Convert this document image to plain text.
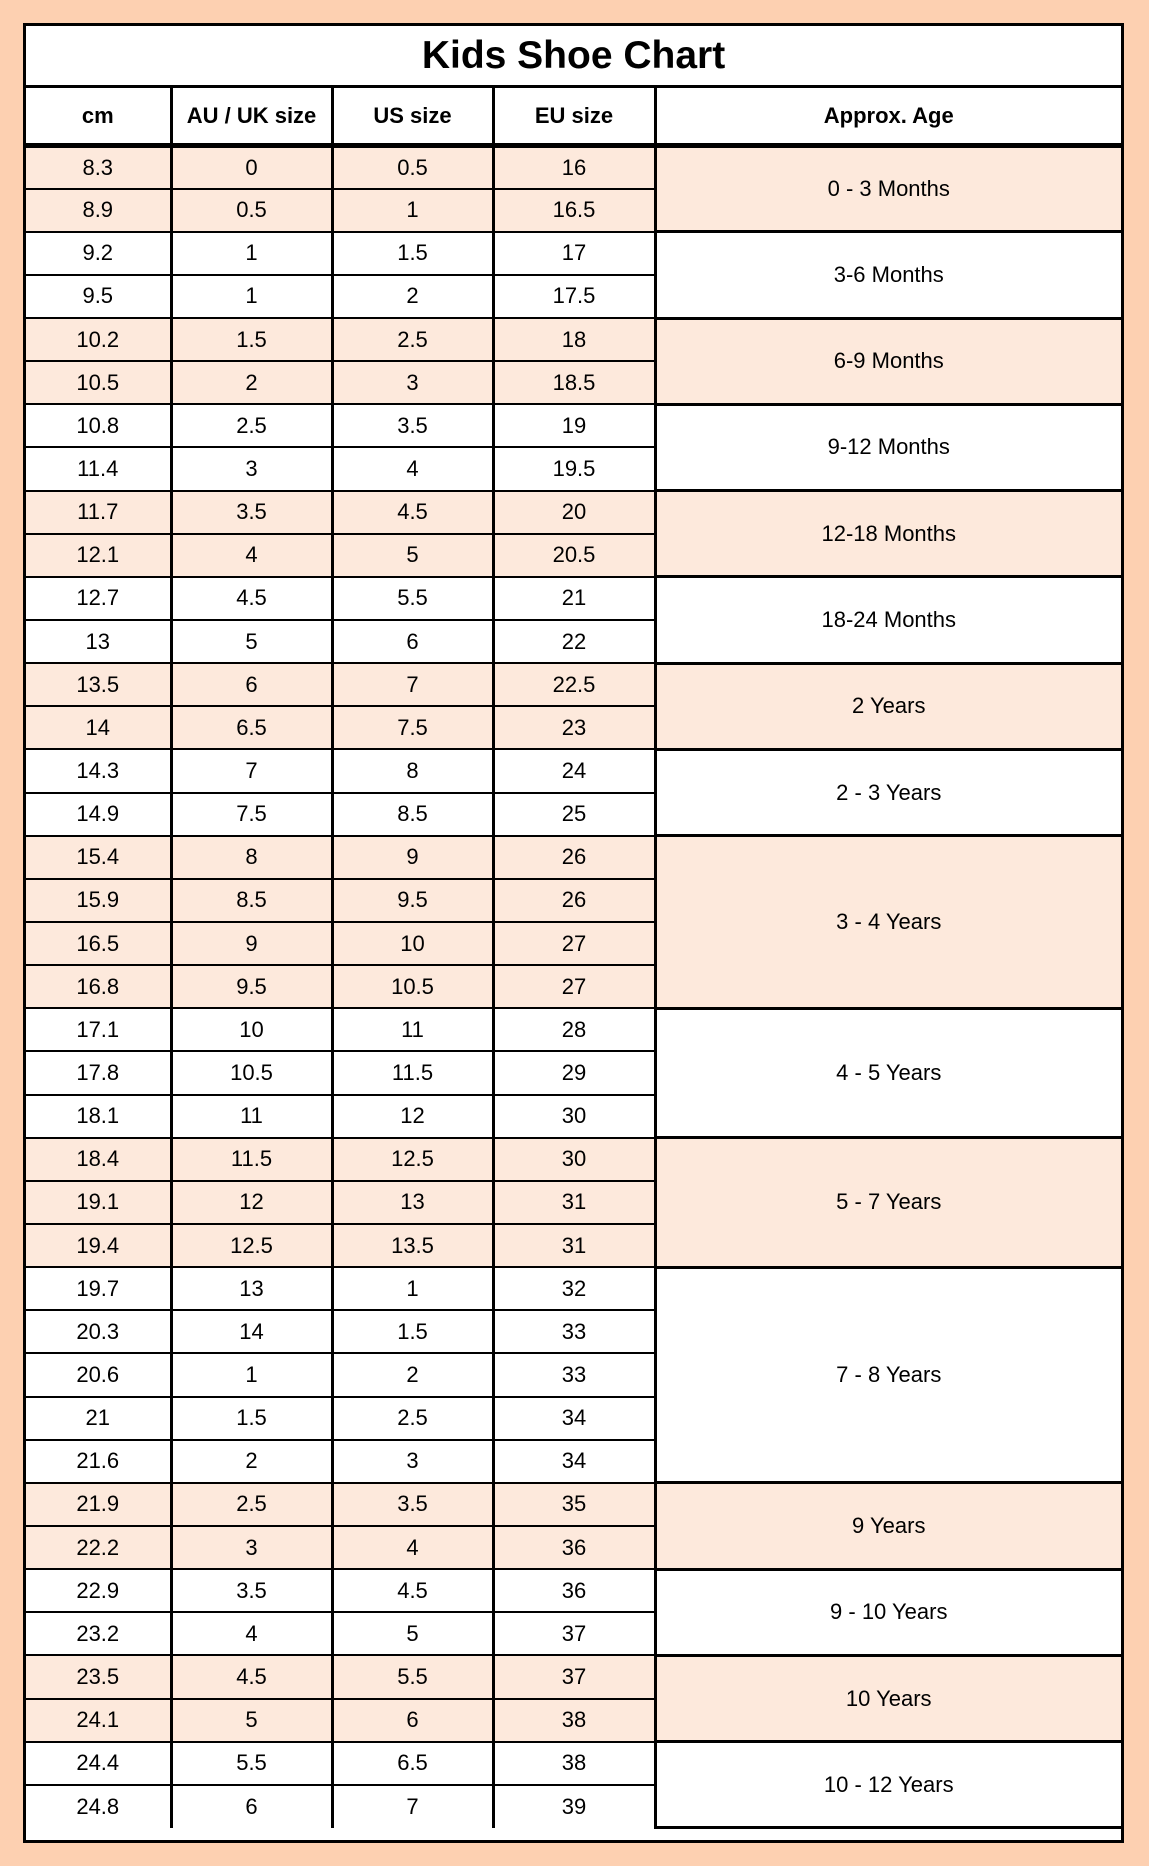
Kids Shoe Chart
cm	AU / UK size	US size	EU size	Approx. Age
8.3	0	0.5	16	0 - 3 Months
8.9	0.5	1	16.5	
9.2	1	1.5	17	3-6 Months
9.5	1	2	17.5	
10.2	1.5	2.5	18	6-9 Months
10.5	2	3	18.5	
10.8	2.5	3.5	19	9-12 Months
11.4	3	4	19.5	
11.7	3.5	4.5	20	12-18 Months
12.1	4	5	20.5	
12.7	4.5	5.5	21	18-24 Months
13	5	6	22	
13.5	6	7	22.5	2 Years
14	6.5	7.5	23	
14.3	7	8	24	2 - 3 Years
14.9	7.5	8.5	25	
15.4	8	9	26	3 - 4 Years
15.9	8.5	9.5	26	
16.5	9	10	27	
16.8	9.5	10.5	27	
17.1	10	11	28	4 - 5 Years
17.8	10.5	11.5	29	
18.1	11	12	30	
18.4	11.5	12.5	30	5 - 7 Years
19.1	12	13	31	
19.4	12.5	13.5	31	
19.7	13	1	32	7 - 8 Years
20.3	14	1.5	33	
20.6	1	2	33	
21	1.5	2.5	34	
21.6	2	3	34	
21.9	2.5	3.5	35	9 Years
22.2	3	4	36	
22.9	3.5	4.5	36	9 - 10 Years
23.2	4	5	37	
23.5	4.5	5.5	37	10 Years
24.1	5	6	38	
24.4	5.5	6.5	38	10 - 12 Years
24.8	6	7	39	
